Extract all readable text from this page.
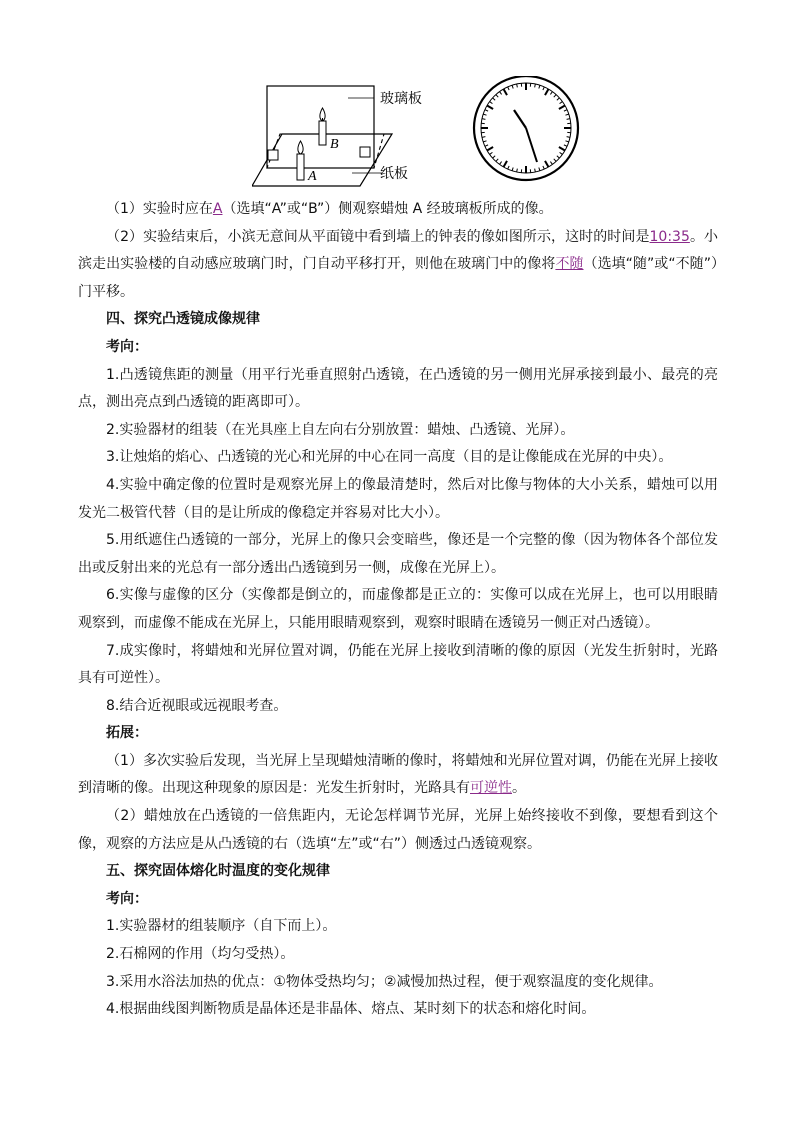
玻璃板
纸板
A
B

（1）实验时应在A（选填“A”或“B”）侧观察蜡烛 A 经玻璃板所成的像。

（2）实验结束后，小滨无意间从平面镜中看到墙上的钟表的像如图所示，这时的时间是10:35。小滨走出实验楼的自动感应玻璃门时，门自动平移打开，则他在玻璃门中的像将不随（选填“随”或“不随”）门平移。

四、探究凸透镜成像规律

考向：

1.凸透镜焦距的测量（用平行光垂直照射凸透镜，在凸透镜的另一侧用光屏承接到最小、最亮的亮点，测出亮点到凸透镜的距离即可）。

2.实验器材的组装（在光具座上自左向右分别放置：蜡烛、凸透镜、光屏）。

3.让烛焰的焰心、凸透镜的光心和光屏的中心在同一高度（目的是让像能成在光屏的中央）。

4.实验中确定像的位置时是观察光屏上的像最清楚时，然后对比像与物体的大小关系，蜡烛可以用发光二极管代替（目的是让所成的像稳定并容易对比大小）。

5.用纸遮住凸透镜的一部分，光屏上的像只会变暗些，像还是一个完整的像（因为物体各个部位发出或反射出来的光总有一部分透出凸透镜到另一侧，成像在光屏上）。

6.实像与虚像的区分（实像都是倒立的，而虚像都是正立的：实像可以成在光屏上，也可以用眼睛观察到，而虚像不能成在光屏上，只能用眼睛观察到，观察时眼睛在透镜另一侧正对凸透镜）。

7.成实像时，将蜡烛和光屏位置对调，仍能在光屏上接收到清晰的像的原因（光发生折射时，光路具有可逆性）。

8.结合近视眼或远视眼考查。

拓展：

（1）多次实验后发现，当光屏上呈现蜡烛清晰的像时，将蜡烛和光屏位置对调，仍能在光屏上接收到清晰的像。出现这种现象的原因是：光发生折射时，光路具有可逆性。

（2）蜡烛放在凸透镜的一倍焦距内，无论怎样调节光屏，光屏上始终接收不到像，要想看到这个像，观察的方法应是从凸透镜的右（选填“左”或“右”）侧透过凸透镜观察。

五、探究固体熔化时温度的变化规律

考向：

1.实验器材的组装顺序（自下而上）。

2.石棉网的作用（均匀受热）。

3.采用水浴法加热的优点：①物体受热均匀；②减慢加热过程，便于观察温度的变化规律。

4.根据曲线图判断物质是晶体还是非晶体、熔点、某时刻下的状态和熔化时间。
